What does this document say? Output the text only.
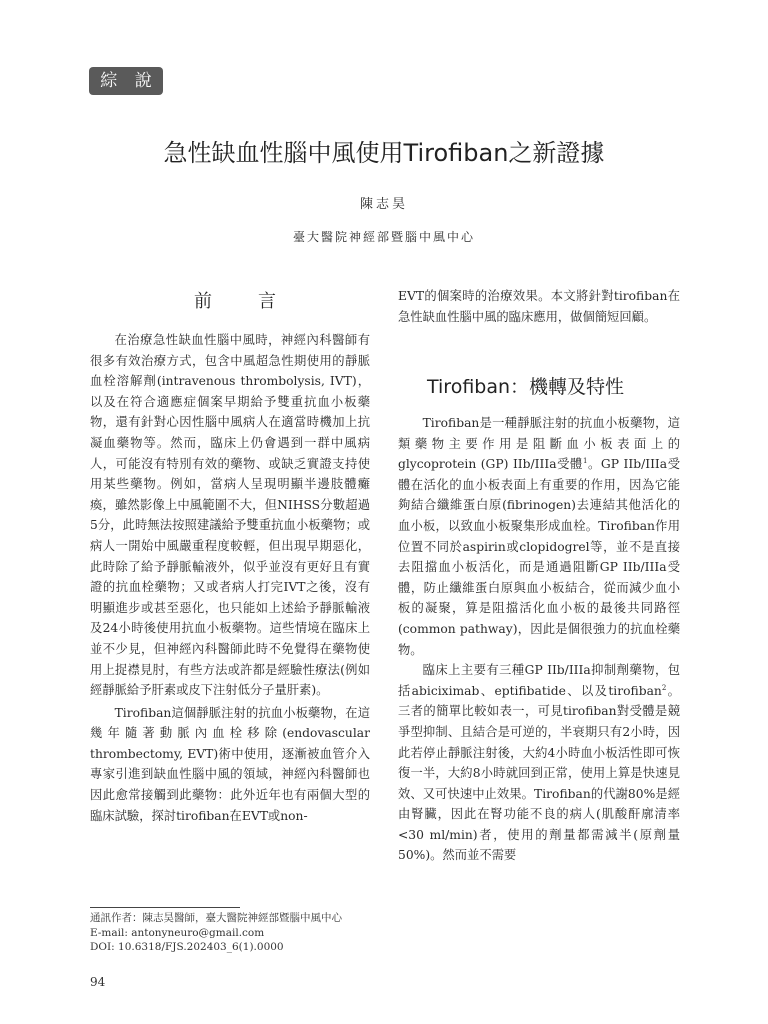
綜 說
急性缺血性腦中風使用Tirofiban之新證據
陳志昊
臺大醫院神經部暨腦中風中心
前言

在治療急性缺血性腦中風時，神經內科醫師有很多有效治療方式，包含中風超急性期使用的靜脈血栓溶解劑(intravenous thrombolysis, IVT)，以及在符合適應症個案早期給予雙重抗血小板藥物，還有針對心因性腦中風病人在適當時機加上抗凝血藥物等。然而，臨床上仍會遇到一群中風病人，可能沒有特別有效的藥物、或缺乏實證支持使用某些藥物。例如，當病人呈現明顯半邊肢體癱瘓，雖然影像上中風範圍不大，但NIHSS分數超過5分，此時無法按照建議給予雙重抗血小板藥物；或病人一開始中風嚴重程度較輕，但出現早期惡化，此時除了給予靜脈輸液外，似乎並沒有更好且有實證的抗血栓藥物；又或者病人打完IVT之後，沒有明顯進步或甚至惡化，也只能如上述給予靜脈輸液及24小時後使用抗血小板藥物。這些情境在臨床上並不少見，但神經內科醫師此時不免覺得在藥物使用上捉襟見肘，有些方法或許都是經驗性療法(例如經靜脈給予肝素或皮下注射低分子量肝素)。

Tirofiban這個靜脈注射的抗血小板藥物，在這幾年隨著動脈內血栓移除(endovascular thrombectomy, EVT)術中使用，逐漸被血管介入專家引進到缺血性腦中風的領域，神經內科醫師也因此愈常接觸到此藥物：此外近年也有兩個大型的臨床試驗，探討tirofiban在EVT或non-

EVT的個案時的治療效果。本文將針對tirofiban在急性缺血性腦中風的臨床應用，做個簡短回顧。

Tirofiban：機轉及特性

Tirofiban是一種靜脈注射的抗血小板藥物，這類藥物主要作用是阻斷血小板表面上的glycoprotein (GP) IIb/IIIa受體$^1$。GP IIb/IIIa受體在活化的血小板表面上有重要的作用，因為它能夠結合纖維蛋白原(fibrinogen)去連結其他活化的血小板，以致血小板聚集形成血栓。Tirofiban作用位置不同於aspirin或clopidogrel等，並不是直接去阻擋血小板活化，而是通過阻斷GP IIb/IIIa受體，防止纖維蛋白原與血小板結合，從而減少血小板的凝聚，算是阻擋活化血小板的最後共同路徑(common pathway)，因此是個很強力的抗血栓藥物。

臨床上主要有三種GP IIb/IIIa抑制劑藥物，包括abiciximab、eptifibatide、以及tirofiban$^2$。三者的簡單比較如表一，可見tirofiban對受體是競爭型抑制、且結合是可逆的，半衰期只有2小時，因此若停止靜脈注射後，大約4小時血小板活性即可恢復一半，大約8小時就回到正常，使用上算是快速見效、又可快速中止效果。Tirofiban的代謝80%是經由腎臟，因此在腎功能不良的病人(肌酸酐廓清率<30 ml/min)者，使用的劑量都需減半(原劑量50%)。然而並不需要

通訊作者：陳志昊醫師，臺大醫院神經部暨腦中風中心
E-mail: antonyneuro@gmail.com
DOI: 10.6318/FJS.202403_6(1).0000
94
